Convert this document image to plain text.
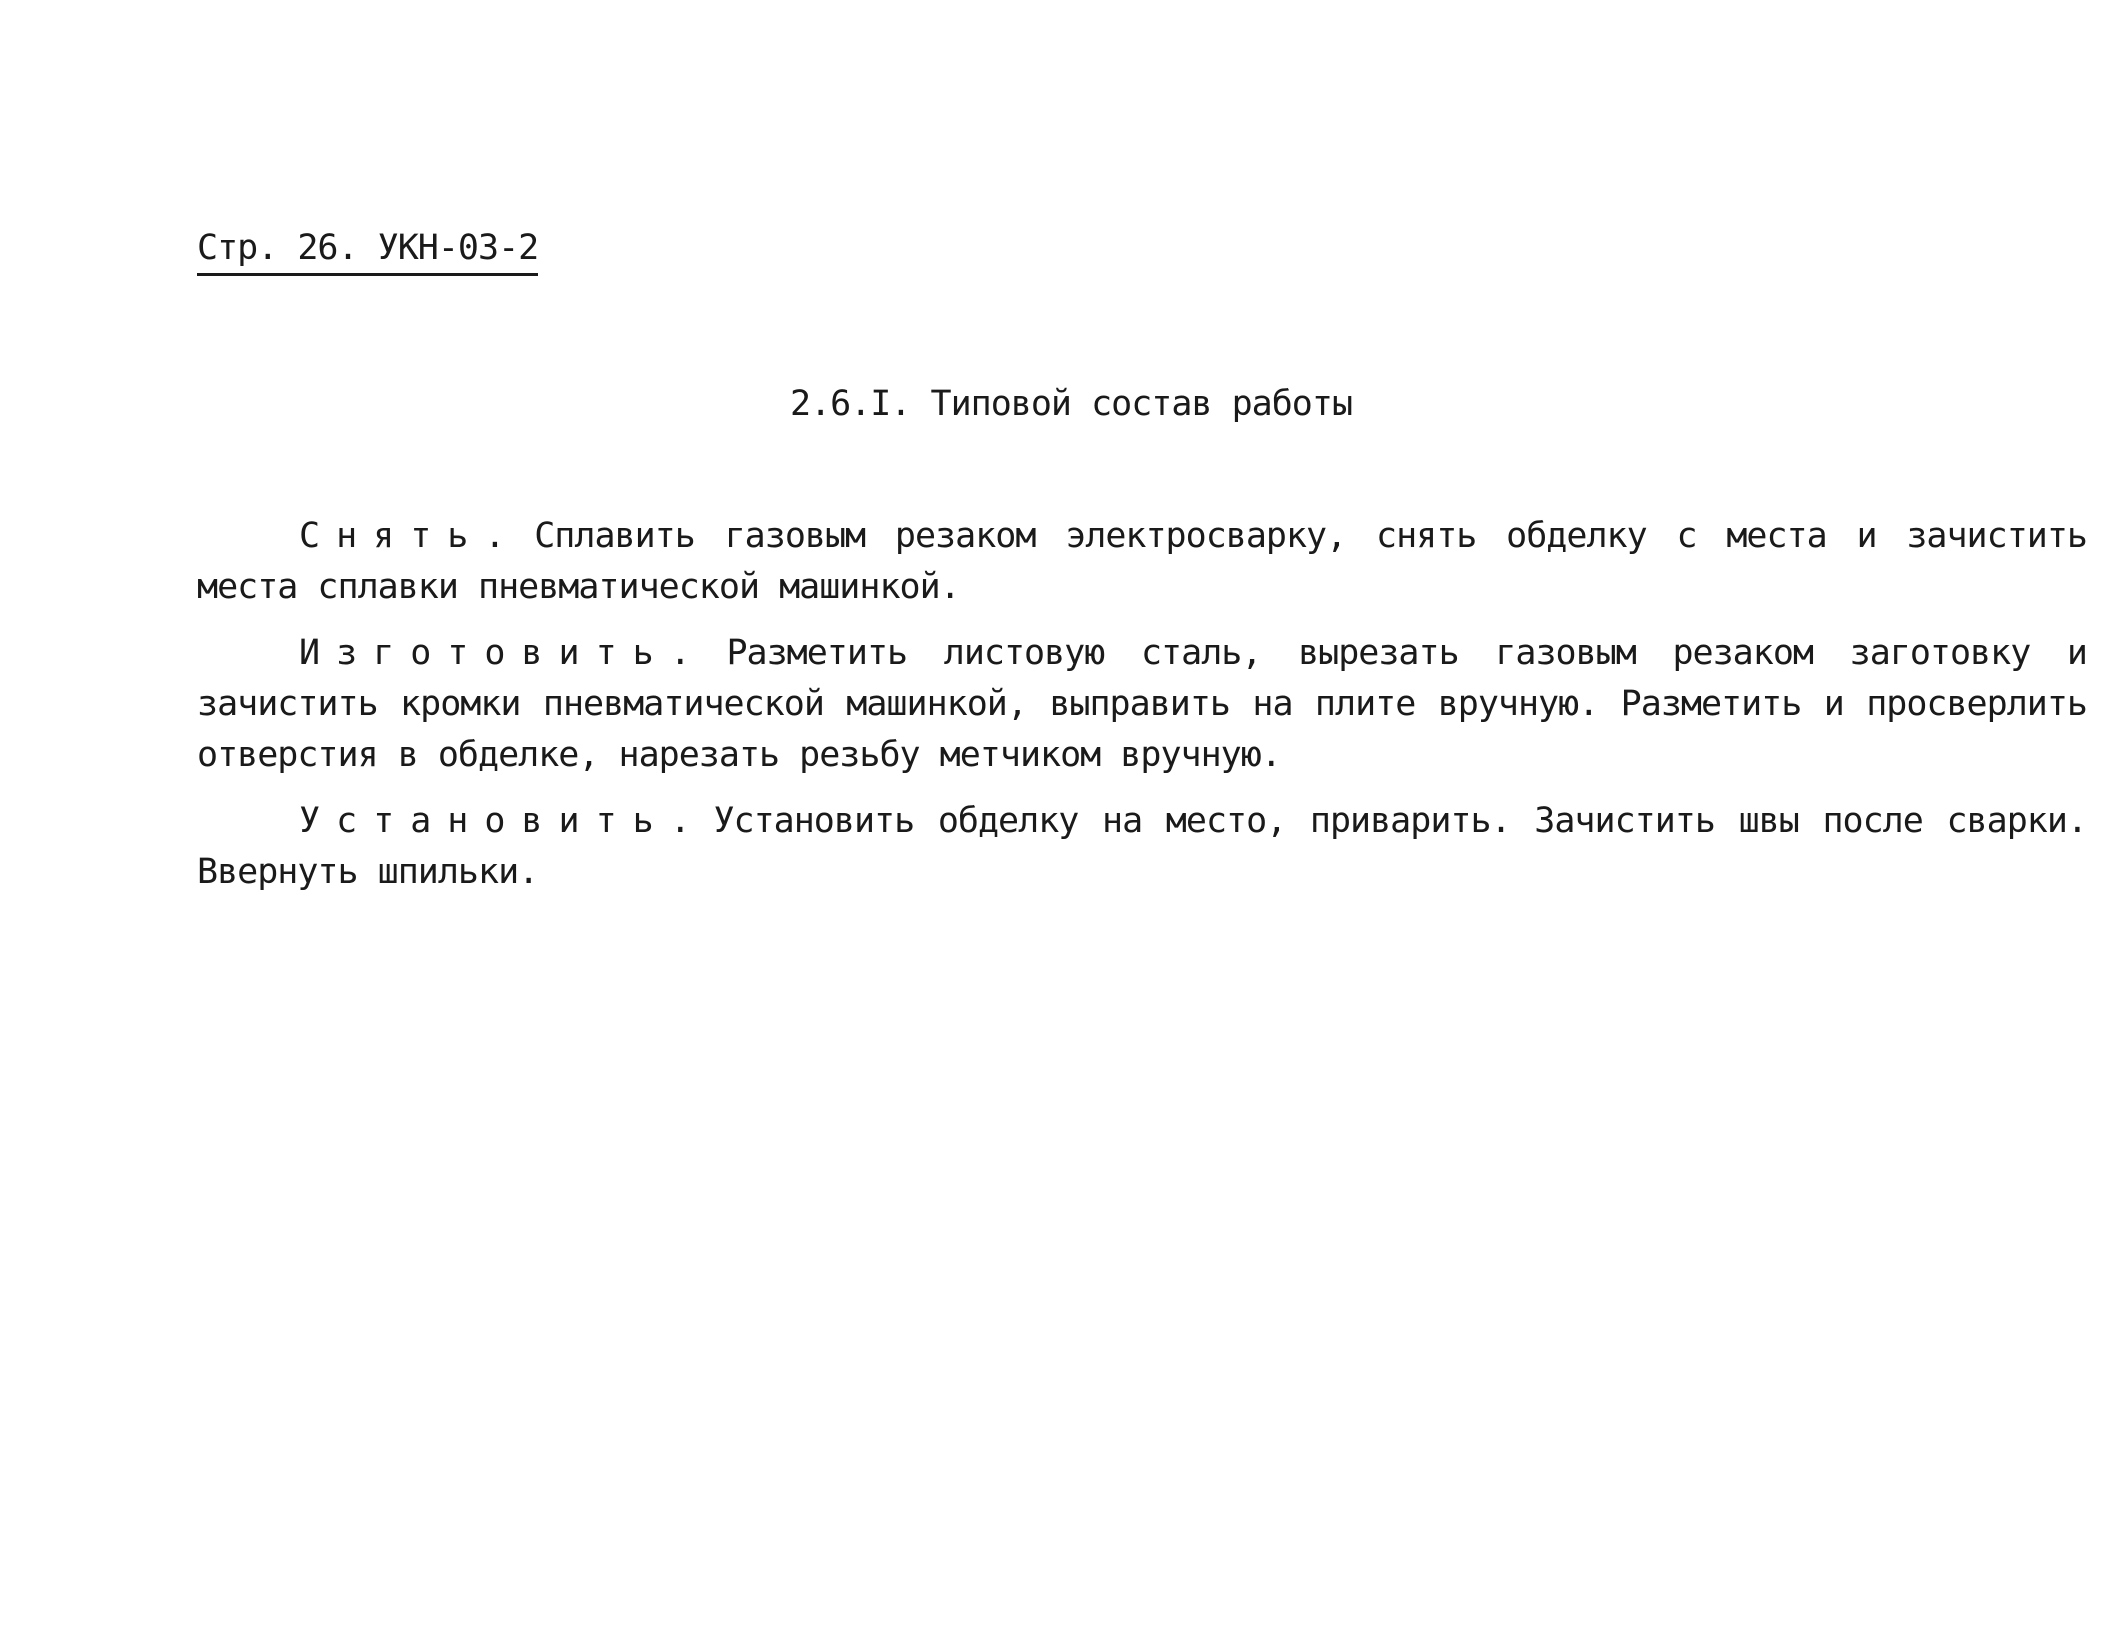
Стр. 26. УКН-03-2
2.6.I. Типовой состав работы

Снять. Сплавить газовым резаком электросварку, снять обделку с места и зачистить места сплавки пневматической машинкой.

Изготовить. Разметить листовую сталь, вырезать газовым резаком заготовку и зачистить кромки пневматической машинкой, выправить на плите вручную. Разметить и просверлить отверстия в обделке, нарезать резьбу метчиком вручную.

Установить. Установить обделку на место, приварить. Зачистить швы после сварки. Ввернуть шпильки.
